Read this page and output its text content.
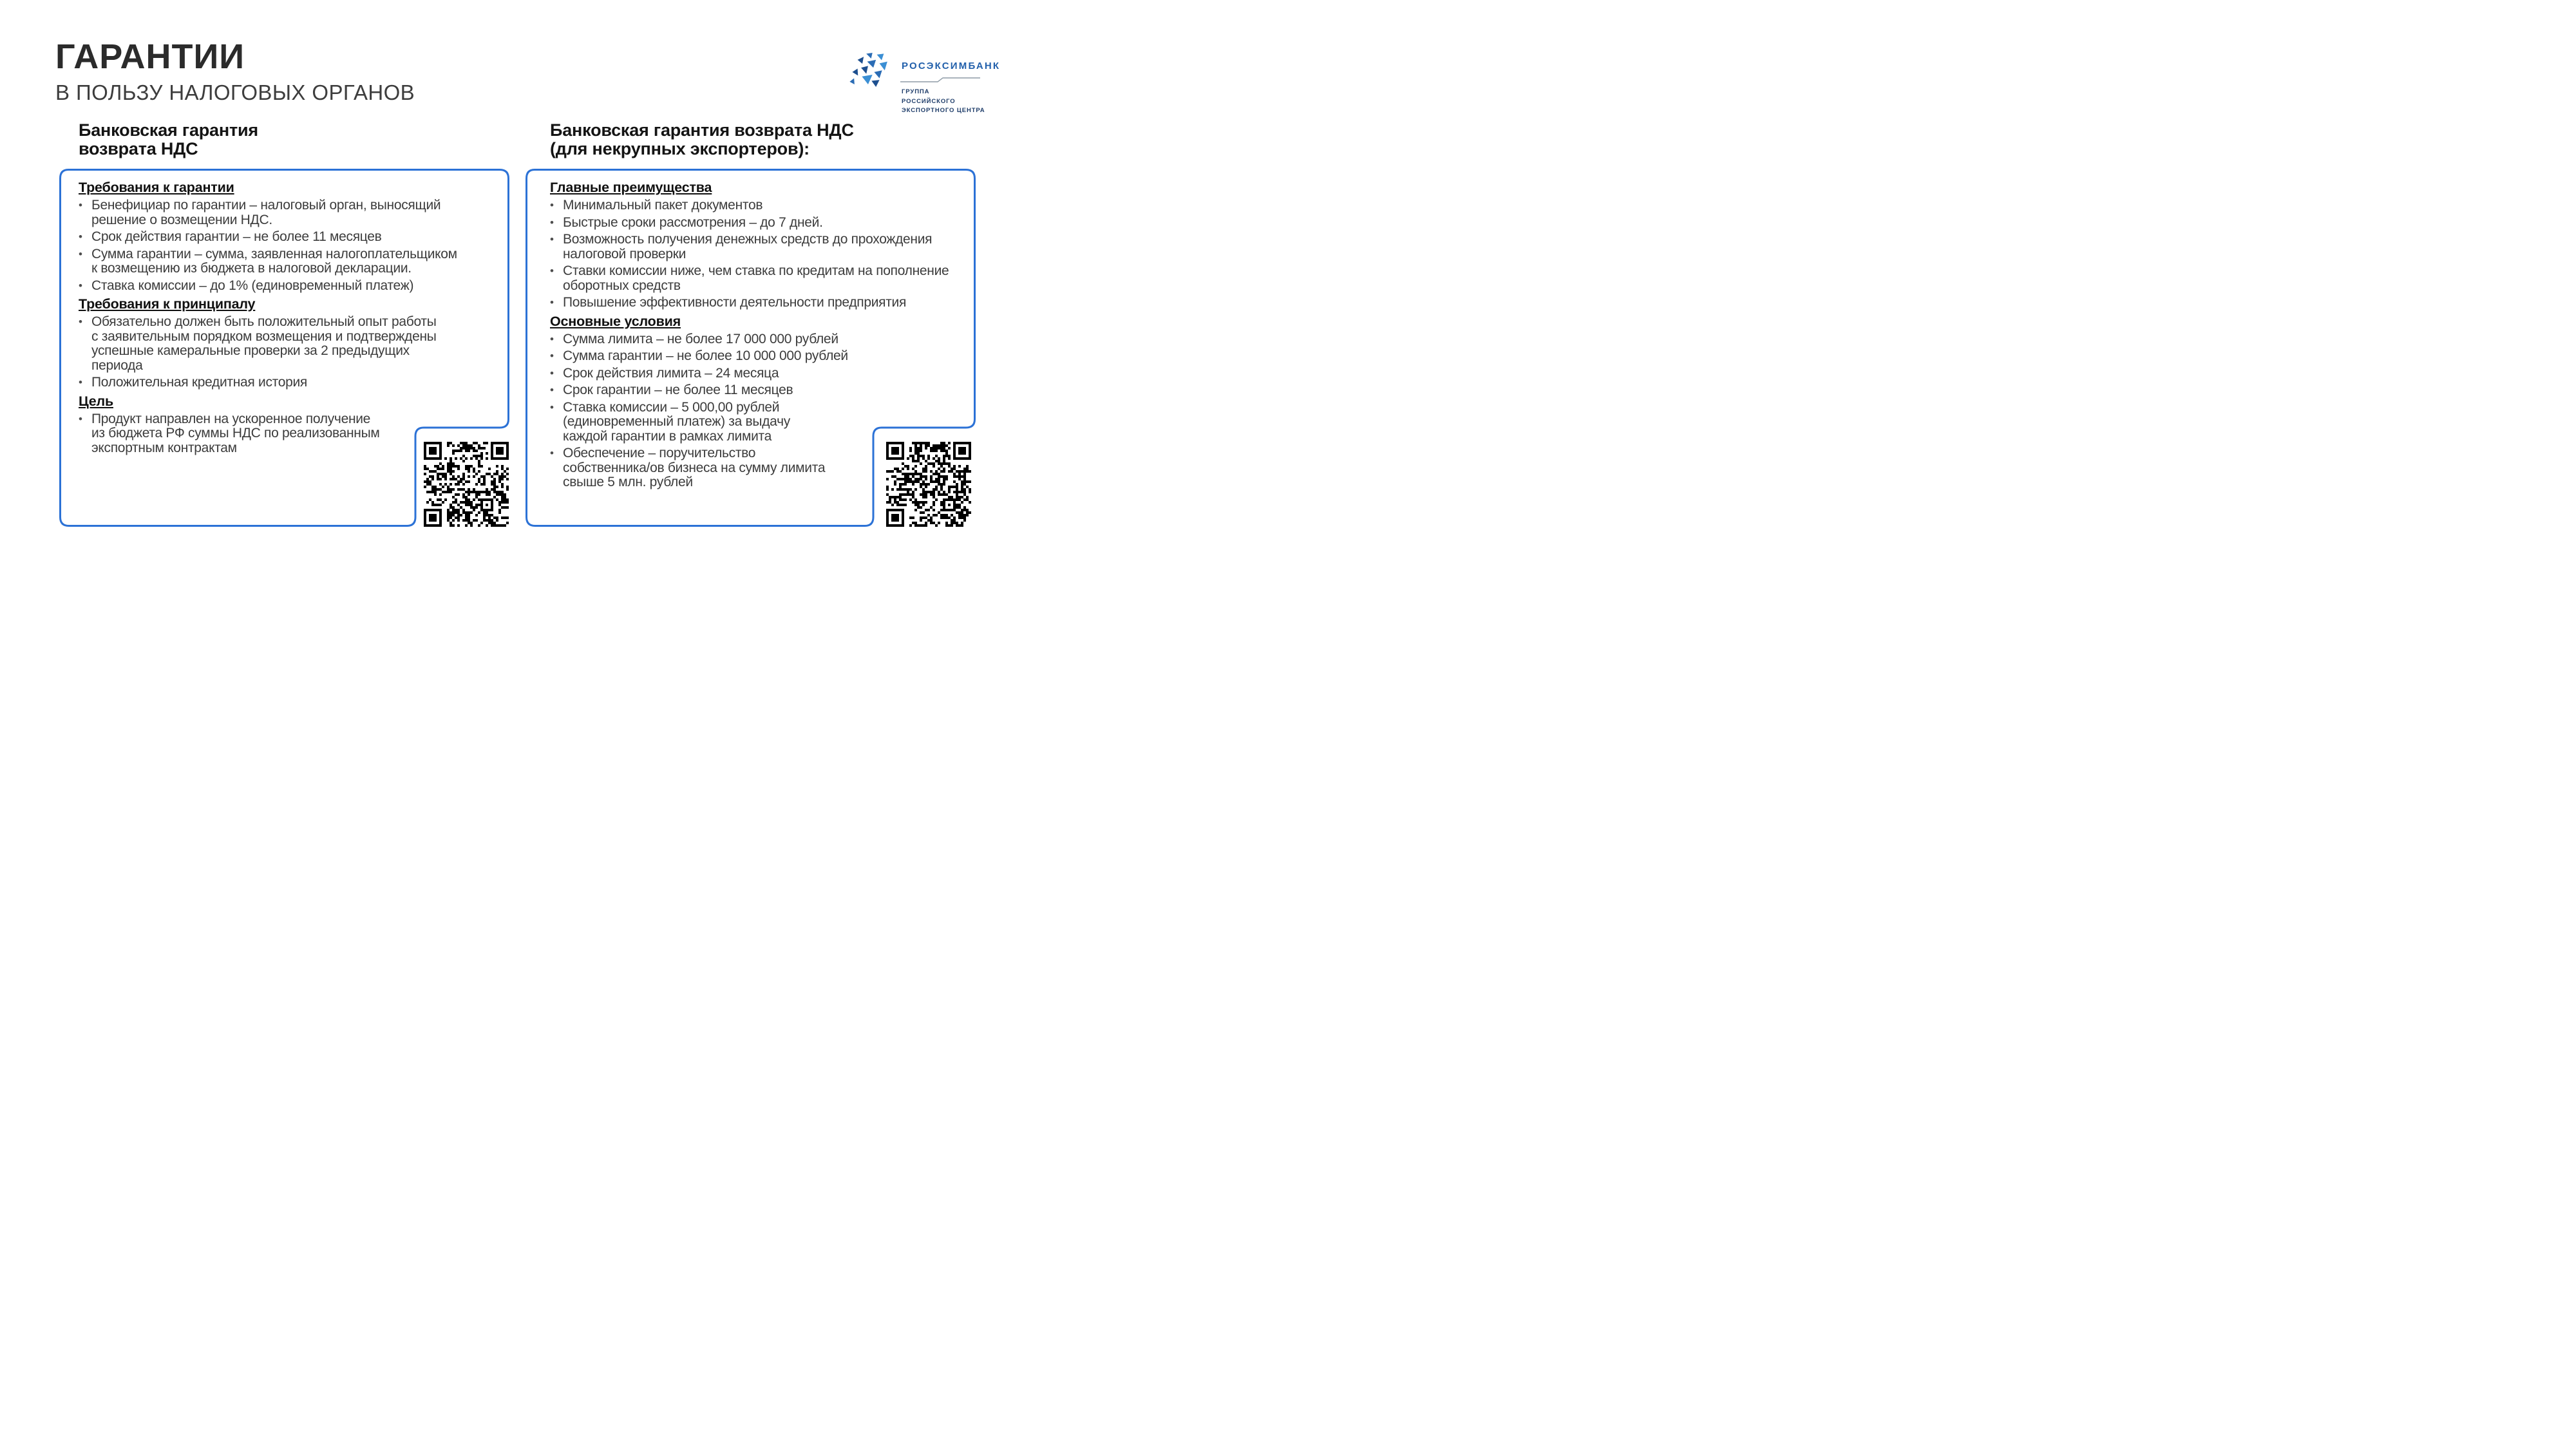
ГАРАНТИИ
В ПОЛЬЗУ НАЛОГОВЫХ ОРГАНОВ
РОСЭКСИМБАНК
ГРУППА
РОССИЙСКОГО
ЭКСПОРТНОГО ЦЕНТРА
Банковская гарантия
возврата НДС
Банковская гарантия возврата НДС
(для некрупных экспортеров):
Требования к гарантии
• Бенефициар по гарантии – налоговый орган, выносящий
решение о возмещении НДС.
• Срок действия гарантии – не более 11 месяцев
• Сумма гарантии – сумма, заявленная налогоплательщиком
к возмещению из бюджета в налоговой декларации.
• Ставка комиссии – до 1% (единовременный платеж)
Требования к принципалу
• Обязательно должен быть положительный опыт работы
с заявительным порядком возмещения и подтверждены
успешные камеральные проверки за 2 предыдущих
периода
• Положительная кредитная история
Цель
• Продукт направлен на ускоренное получение
из бюджета РФ суммы НДС по реализованным
экспортным контрактам
Главные преимущества
• Минимальный пакет документов
• Быстрые сроки рассмотрения – до 7 дней.
• Возможность получения денежных средств до прохождения
налоговой проверки
• Ставки комиссии ниже, чем ставка по кредитам на пополнение
оборотных средств
• Повышение эффективности деятельности предприятия
Основные условия
• Сумма лимита – не более 17 000 000 рублей
• Сумма гарантии – не более 10 000 000 рублей
• Срок действия лимита – 24 месяца
• Срок гарантии – не более 11 месяцев
• Ставка комиссии – 5 000,00 рублей
(единовременный платеж) за выдачу
каждой гарантии в рамках лимита
• Обеспечение – поручительство
собственника/ов бизнеса на сумму лимита
свыше 5 млн. рублей
